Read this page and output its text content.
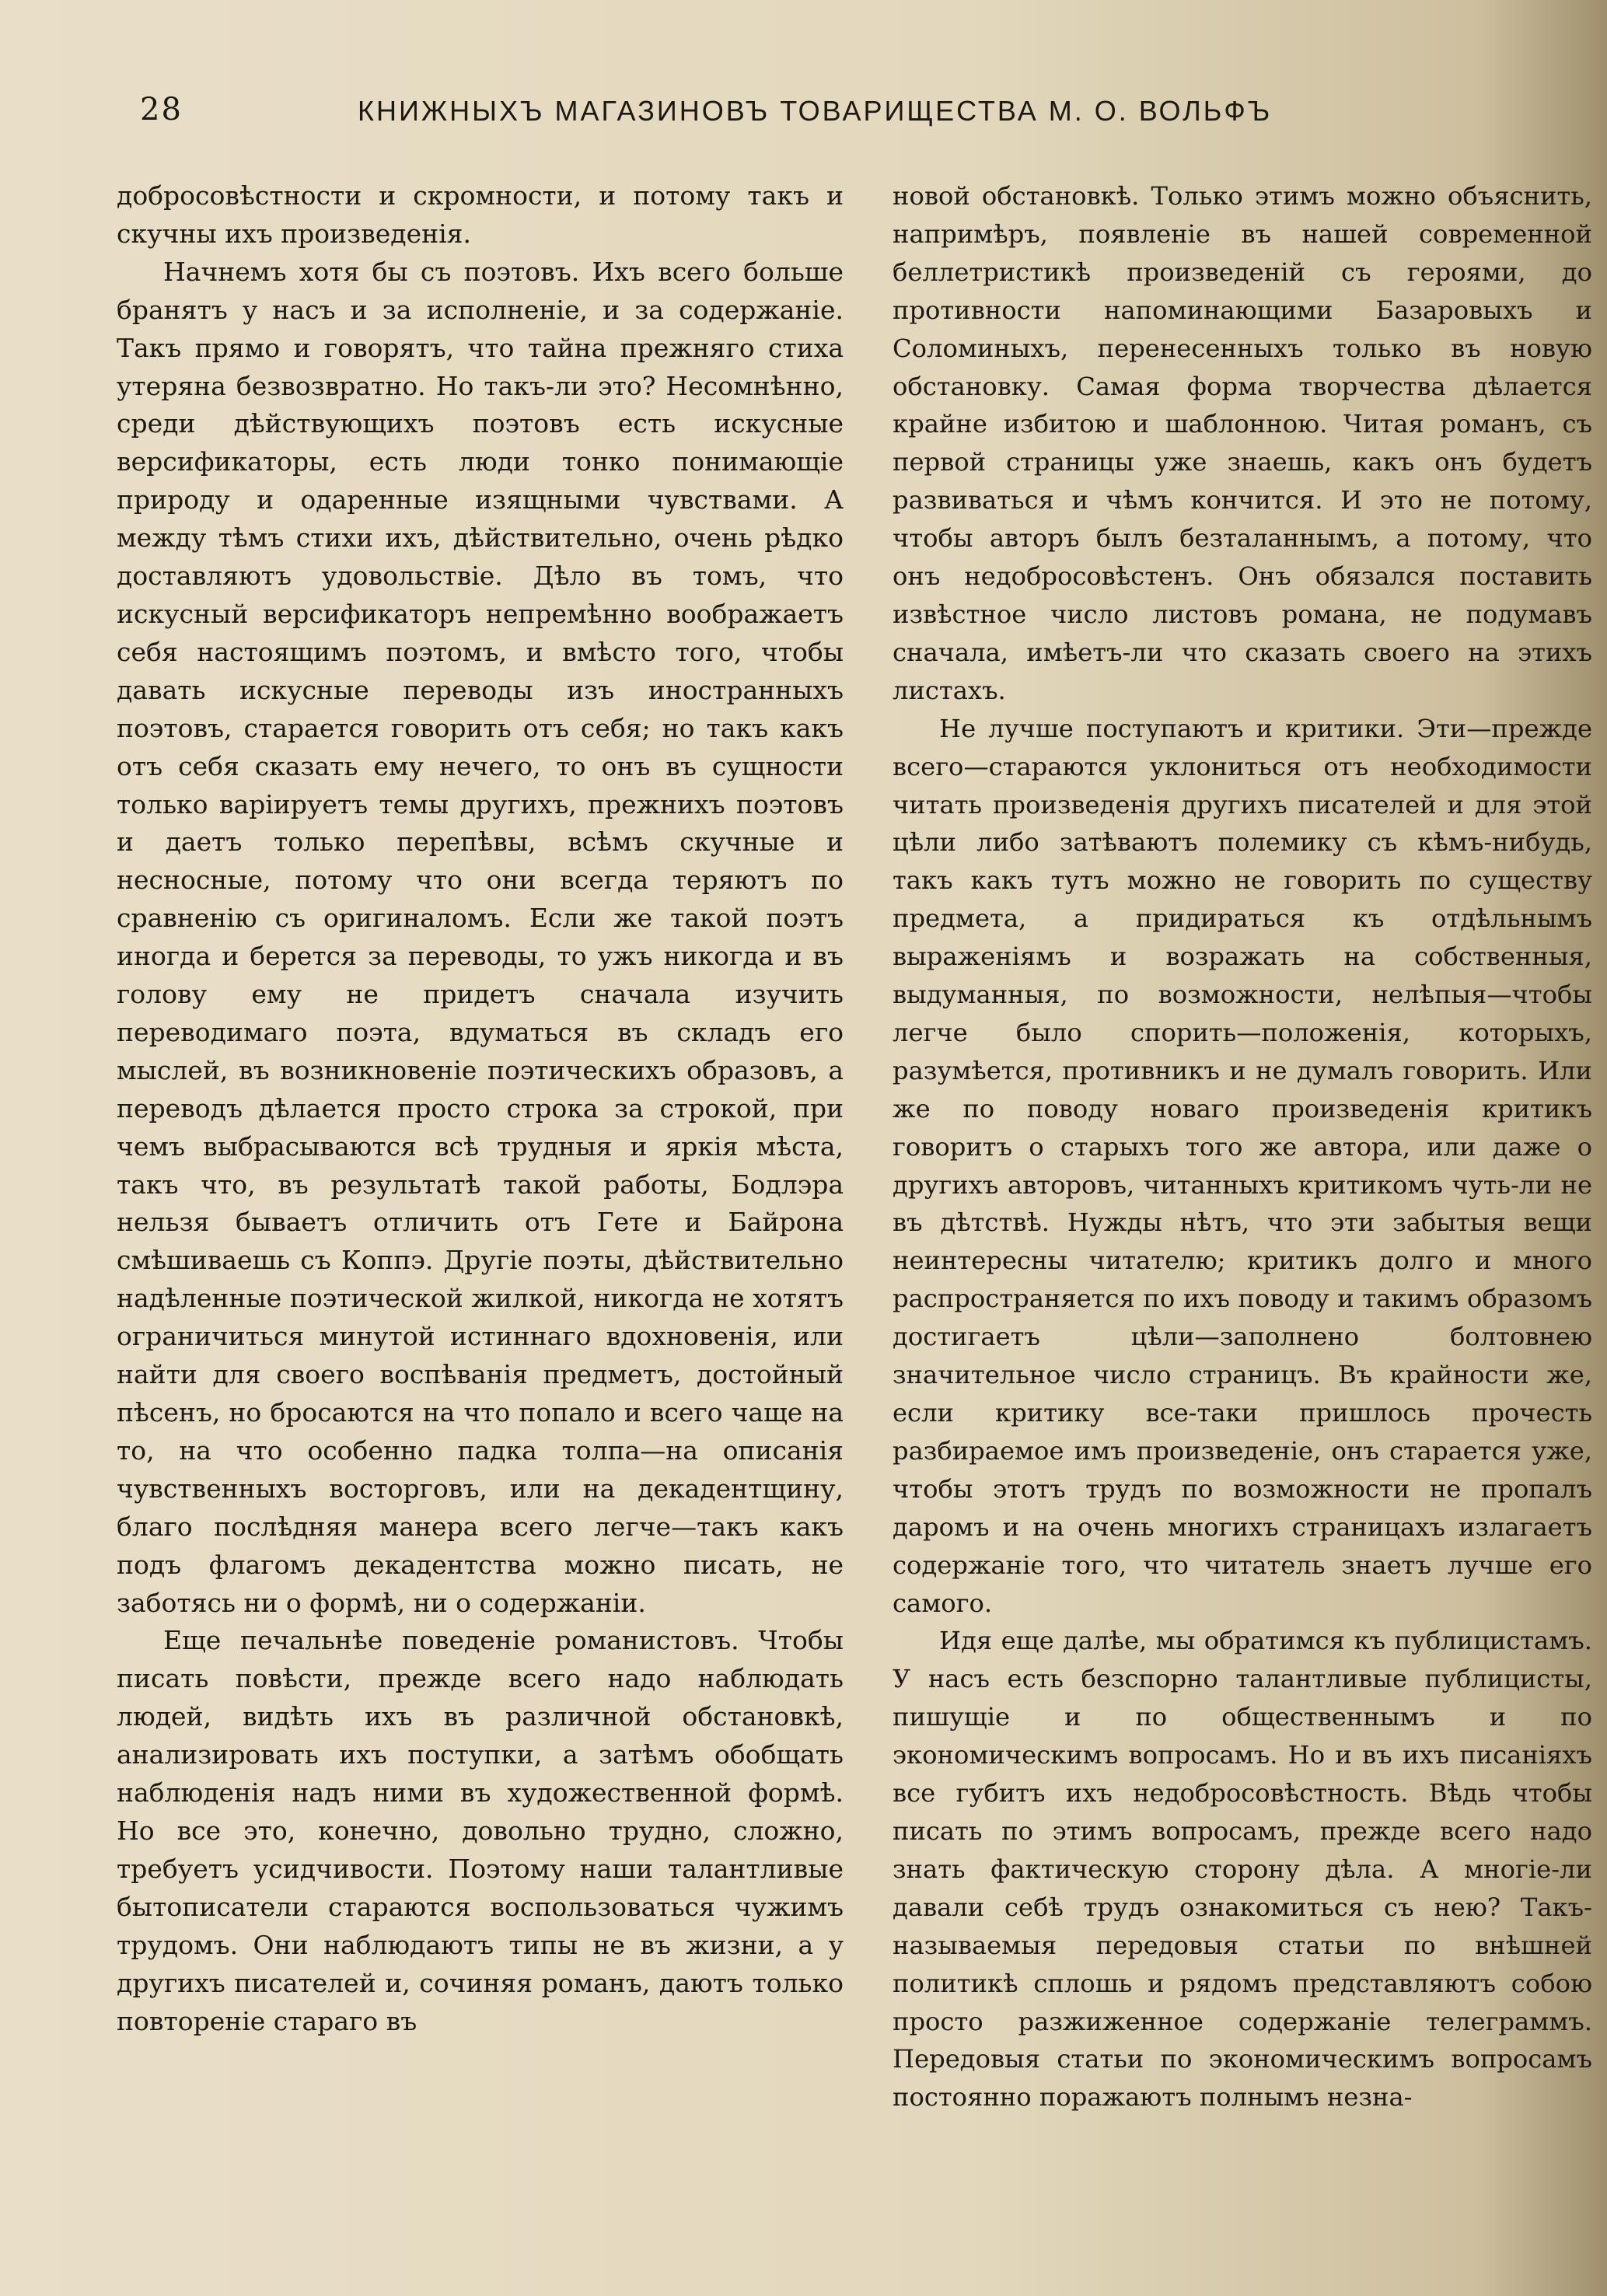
28	КНИЖНЫХЪ МАГАЗИНОВЪ ТОВАРИЩЕСТВА М. О. ВОЛЬФЪ

добросовѣстности и скромности, и потому такъ и скучны ихъ произведенія.

Начнемъ хотя бы съ поэтовъ. Ихъ всего больше бранятъ у насъ и за исполненіе, и за содержаніе. Такъ прямо и говорятъ, что тайна прежняго стиха утеряна безвозвратно. Но такъ-ли это? Несомнѣнно, среди дѣйствующихъ поэтовъ есть искусные версификаторы, есть люди тонко понимающіе природу и одаренные изящными чувствами. А между тѣмъ стихи ихъ, дѣйствительно, очень рѣдко доставляютъ удовольствіе. Дѣло въ томъ, что искусный версификаторъ непремѣнно воображаетъ себя настоящимъ поэтомъ, и вмѣсто того, чтобы давать искусные переводы изъ иностранныхъ поэтовъ, старается говорить отъ себя; но такъ какъ отъ себя сказать ему нечего, то онъ въ сущности только варіируетъ темы другихъ, прежнихъ поэтовъ и даетъ только перепѣвы, всѣмъ скучные и несносные, потому что они всегда теряютъ по сравненію съ оригиналомъ. Если же такой поэтъ иногда и берется за переводы, то ужъ никогда и въ голову ему не придетъ сначала изучить переводимаго поэта, вдуматься въ складъ его мыслей, въ возникновеніе поэтическихъ образовъ, а переводъ дѣлается просто строка за строкой, при чемъ выбрасываются всѣ трудныя и яркія мѣста, такъ что, въ результатѣ такой работы, Бодлэра нельзя бываетъ отличить отъ Гете и Байрона смѣшиваешь съ Коппэ. Другіе поэты, дѣйствительно надѣленные поэтической жилкой, никогда не хотятъ ограничиться минутой истиннаго вдохновенія, или найти для своего воспѣванія предметъ, достойный пѣсенъ, но бросаются на что попало и всего чаще на то, на что особенно падка толпа—на описанія чувственныхъ восторговъ, или на декадентщину, благо послѣдняя манера всего легче—такъ какъ подъ флагомъ декадентства можно писать, не заботясь ни о формѣ, ни о содержаніи.

Еще печальнѣе поведеніе романистовъ. Чтобы писать повѣсти, прежде всего надо наблюдать людей, видѣть ихъ въ различной обстановкѣ, анализировать ихъ поступки, а затѣмъ обобщать наблюденія надъ ними въ художественной формѣ. Но все это, конечно, довольно трудно, сложно, требуетъ усидчивости. Поэтому наши талантливые бытописатели стараются воспользоваться чужимъ трудомъ. Они наблюдаютъ типы не въ жизни, а у другихъ писателей и, сочиняя романъ, даютъ только повтореніе стараго въ

новой обстановкѣ. Только этимъ можно объяснить, напримѣръ, появленіе въ нашей современной беллетристикѣ произведеній съ героями, до противности напоминающими Базаровыхъ и Соломиныхъ, перенесенныхъ только въ новую обстановку. Самая форма творчества дѣлается крайне избитою и шаблонною. Читая романъ, съ первой страницы уже знаешь, какъ онъ будетъ развиваться и чѣмъ кончится. И это не потому, чтобы авторъ былъ безталаннымъ, а потому, что онъ недобросовѣстенъ. Онъ обязался поставить извѣстное число листовъ романа, не подумавъ сначала, имѣетъ-ли что сказать своего на этихъ листахъ.

Не лучше поступаютъ и критики. Эти—прежде всего—стараются уклониться отъ необходимости читать произведенія другихъ писателей и для этой цѣли либо затѣваютъ полемику съ кѣмъ-нибудь, такъ какъ тутъ можно не говорить по существу предмета, а придираться къ отдѣльнымъ выраженіямъ и возражать на собственныя, выдуманныя, по возможности, нелѣпыя—чтобы легче было спорить—положенія, которыхъ, разумѣется, противникъ и не думалъ говорить. Или же по поводу новаго произведенія критикъ говоритъ о старыхъ того же автора, или даже о другихъ авторовъ, читанныхъ критикомъ чуть-ли не въ дѣтствѣ. Нужды нѣтъ, что эти забытыя вещи неинтересны читателю; критикъ долго и много распространяется по ихъ поводу и такимъ образомъ достигаетъ цѣли—заполнено болтовнею значительное число страницъ. Въ крайности же, если критику все-таки пришлось прочесть разбираемое имъ произведеніе, онъ старается уже, чтобы этотъ трудъ по возможности не пропалъ даромъ и на очень многихъ страницахъ излагаетъ содержаніе того, что читатель знаетъ лучше его самого.

Идя еще далѣе, мы обратимся къ публицистамъ. У насъ есть безспорно талантливые публицисты, пишущіе и по общественнымъ и по экономическимъ вопросамъ. Но и въ ихъ писаніяхъ все губитъ ихъ недобросовѣстность. Вѣдь чтобы писать по этимъ вопросамъ, прежде всего надо знать фактическую сторону дѣла. А многіе-ли давали себѣ трудъ ознакомиться съ нею? Такъ-называемыя передовыя статьи по внѣшней политикѣ сплошь и рядомъ представляютъ собою просто разжиженное содержаніе телеграммъ. Передовыя статьи по экономическимъ вопросамъ постоянно поражаютъ полнымъ незна-
